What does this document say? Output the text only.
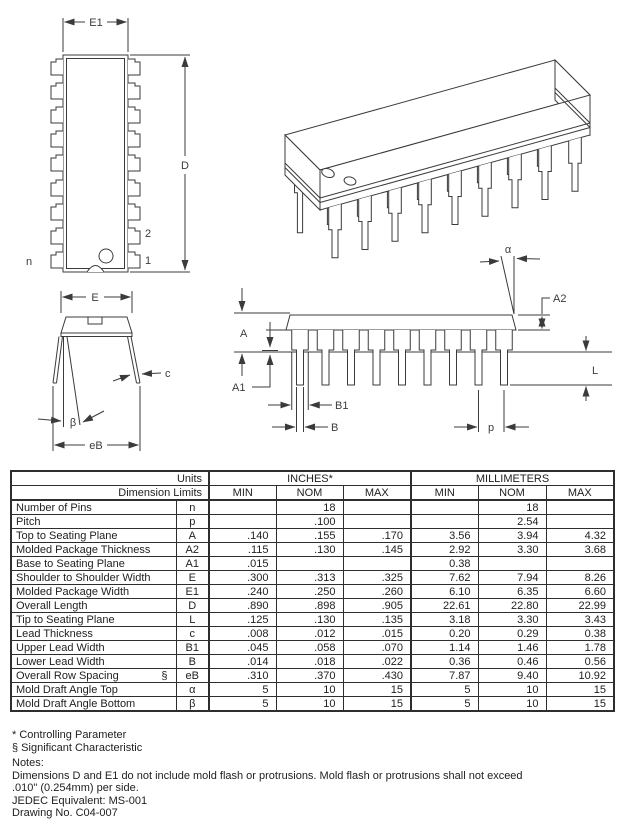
E1
D
2
1
n
E
β
c
eB
α
A
A1
A2
L
B1
B	p
Units		INCHES*			MILLIMETERS		
Dimension Limits		MIN	NOM	MAX	MIN	NOM	MAX

Number of Pins	n		18			18	

Pitch	p		.100			2.54	

Top to Seating Plane	A	.140	.155	.170	3.56	3.94	4.32

Molded Package Thickness	A2	.115	.130	.145	2.92	3.30	3.68

Base to Seating Plane	A1	.015			0.38		

Shoulder to Shoulder Width	E	.300	.313	.325	7.62	7.94	8.26

Molded Package Width	E1	.240	.250	.260	6.10	6.35	6.60

Overall Length	D	.890	.898	.905	22.61	22.80	22.99

Tip to Seating Plane	L	.125	.130	.135	3.18	3.30	3.43

Lead Thickness	c	.008	.012	.015	0.20	0.29	0.38

Upper Lead Width	B1	.045	.058	.070	1.14	1.46	1.78

Lower Lead Width	B	.014	.018	.022	0.36	0.46	0.56

Overall Row Spacing §	eB	.310	.370	.430	7.87	9.40	10.92

Mold Draft Angle Top	α	5	10	15	5	10	15

Mold Draft Angle Bottom	β	5	10	15	5	10	15
* Controlling Parameter
§ Significant Characteristic
Notes:
Dimensions D and E1 do not include mold flash or protrusions. Mold flash or protrusions shall not exceed
.010" (0.254mm) per side.
JEDEC Equivalent: MS-001
Drawing No. C04-007
